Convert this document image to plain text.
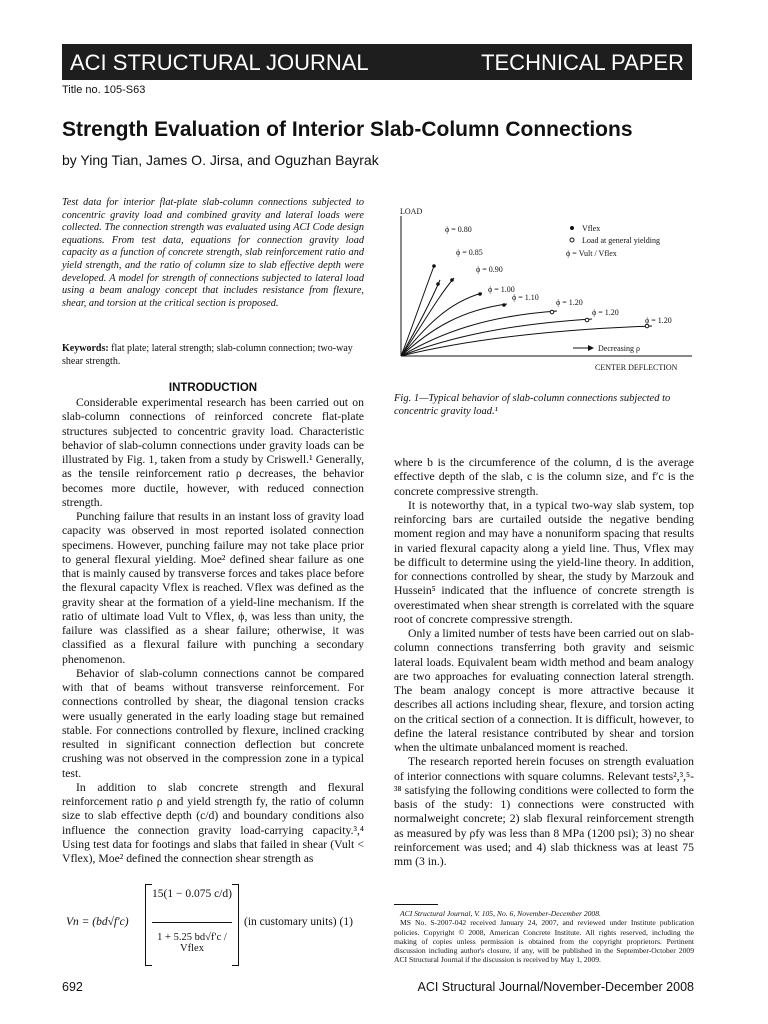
ACI STRUCTURAL JOURNAL	TECHNICAL PAPER
Title no. 105-S63
Strength Evaluation of Interior Slab-Column Connections
by Ying Tian, James O. Jirsa, and Oguzhan Bayrak
Test data for interior flat-plate slab-column connections subjected to concentric gravity load and combined gravity and lateral loads were collected. The connection strength was evaluated using ACI Code design equations. From test data, equations for connection gravity load capacity as a function of concrete strength, slab reinforcement ratio and yield strength, and the ratio of column size to slab effective depth were developed. A model for strength of connections subjected to lateral load using a beam analogy concept that includes resistance from flexure, shear, and torsion at the critical section is proposed.
Keywords: flat plate; lateral strength; slab-column connection; two-way shear strength.
INTRODUCTION

Considerable experimental research has been carried out on slab-column connections of reinforced concrete flat-plate structures subjected to concentric gravity load. Characteristic behavior of slab-column connections under gravity loads can be illustrated by Fig. 1, taken from a study by Criswell.¹ Generally, as the tensile reinforcement ratio ρ decreases, the behavior becomes more ductile, however, with reduced connection strength.

Punching failure that results in an instant loss of gravity load capacity was observed in most reported isolated connection specimens. However, punching failure may not take place prior to general flexural yielding. Moe² defined shear failure as one that is mainly caused by transverse forces and takes place before the flexural capacity Vflex is reached. Vflex was defined as the gravity shear at the formation of a yield-line mechanism. If the ratio of ultimate load Vult to Vflex, ϕ, was less than unity, the failure was classified as a shear failure; otherwise, it was classified as a flexural failure with punching a secondary phenomenon.

Behavior of slab-column connections cannot be compared with that of beams without transverse reinforcement. For connections controlled by shear, the diagonal tension cracks were usually generated in the early loading stage but remained stable. For connections controlled by flexure, inclined cracking resulted in significant connection deflection but concrete crushing was not observed in the compression zone in a typical test.

In addition to slab concrete strength and flexural reinforcement ratio ρ and yield strength fy, the ratio of column size to slab effective depth (c/d) and boundary conditions also influence the connection gravity load-carrying capacity.³,⁴ Using test data for footings and slabs that failed in shear (Vult < Vflex), Moe² defined the connection shear strength as

LOAD
CENTER DEFLECTION
Vflex
Load at general yielding
ϕ = Vult / Vflex
ϕ = 0.80
ϕ = 0.85
ϕ = 0.90
ϕ = 1.00
ϕ = 1.10
ϕ = 1.20
ϕ = 1.20
ϕ = 1.20
Decreasing ρ
Fig. 1—Typical behavior of slab-column connections subjected to concentric gravity load.¹

where b is the circumference of the column, d is the average effective depth of the slab, c is the column size, and f′c is the concrete compressive strength.

It is noteworthy that, in a typical two-way slab system, top reinforcing bars are curtailed outside the negative bending moment region and may have a nonuniform spacing that results in varied flexural capacity along a yield line. Thus, Vflex may be difficult to determine using the yield-line theory. In addition, for connections controlled by shear, the study by Marzouk and Hussein⁵ indicated that the influence of concrete strength is overestimated when shear strength is correlated with the square root of concrete compressive strength.

Only a limited number of tests have been carried out on slab-column connections transferring both gravity and seismic lateral loads. Equivalent beam width method and beam analogy are two approaches for evaluating connection lateral strength. The beam analogy concept is more attractive because it describes all actions including shear, flexure, and torsion acting on the critical section of a connection. It is difficult, however, to define the lateral resistance contributed by shear and torsion when the ultimate unbalanced moment is reached.

The research reported herein focuses on strength evaluation of interior connections with square columns. Relevant tests²,³,⁵-³⁸ satisfying the following conditions were collected to form the basis of the study: 1) connections were constructed with normalweight concrete; 2) slab flexural reinforcement strength as measured by ρfy was less than 8 MPa (1200 psi); 3) no shear reinforcement was used; and 4) slab thickness was at least 75 mm (3 in.).

Vn = (bd√f′c)
15(1 − 0.075 c/d)
1 + 5.25 bd√f′c / Vflex
(in customary units) (1)

ACI Structural Journal, V. 105, No. 6, November-December 2008.

MS No. S-2007-042 received January 24, 2007, and reviewed under Institute publication policies. Copyright © 2008, American Concrete Institute. All rights reserved, including the making of copies unless permission is obtained from the copyright proprietors. Pertinent discussion including author's closure, if any, will be published in the September-October 2009 ACI Structural Journal if the discussion is received by May 1, 2009.

692	ACI Structural Journal/November-December 2008
